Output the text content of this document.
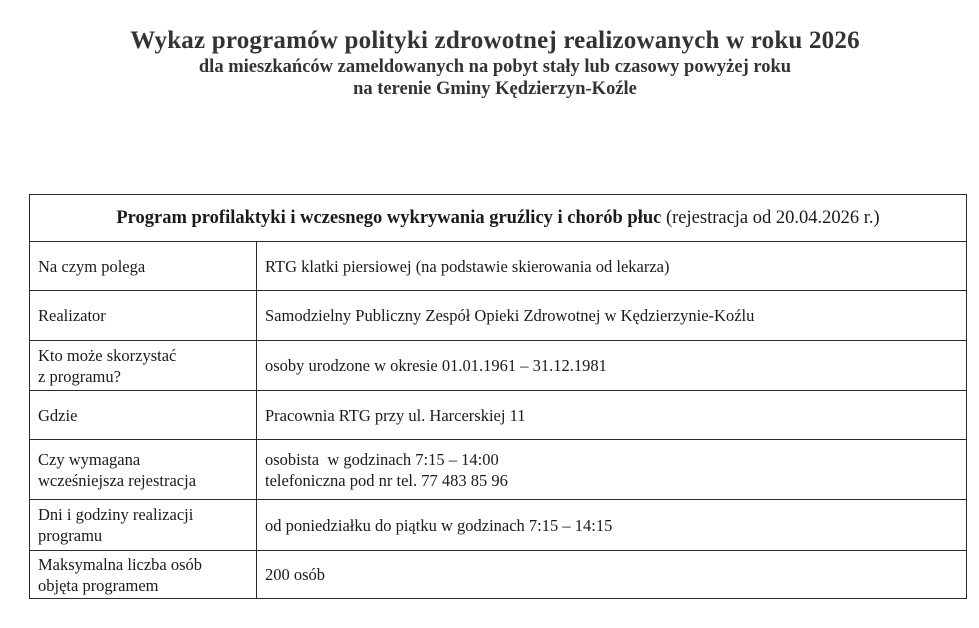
Wykaz programów polityki zdrowotnej realizowanych w roku 2026

dla mieszkańców zameldowanych na pobyt stały lub czasowy powyżej roku

na terenie Gminy Kędzierzyn-Koźle

Program profilaktyki i wczesnego wykrywania gruźlicy i chorób płuc (rejestracja od 20.04.2026 r.)	

Na czym polega	RTG klatki piersiowej (na podstawie skierowania od lekarza)

Realizator	Samodzielny Publiczny Zespół Opieki Zdrowotnej w Kędzierzynie-Koźlu

Kto może skorzystać
z programu?	osoby urodzone w okresie 01.01.1961 – 31.12.1981

Gdzie	Pracownia RTG przy ul. Harcerskiej 11

Czy wymagana
wcześniejsza rejestracja	osobista  w godzinach 7:15 – 14:00
telefoniczna pod nr tel. 77 483 85 96

Dni i godziny realizacji
programu	od poniedziałku do piątku w godzinach 7:15 – 14:15

Maksymalna liczba osób
objęta programem	200 osób
